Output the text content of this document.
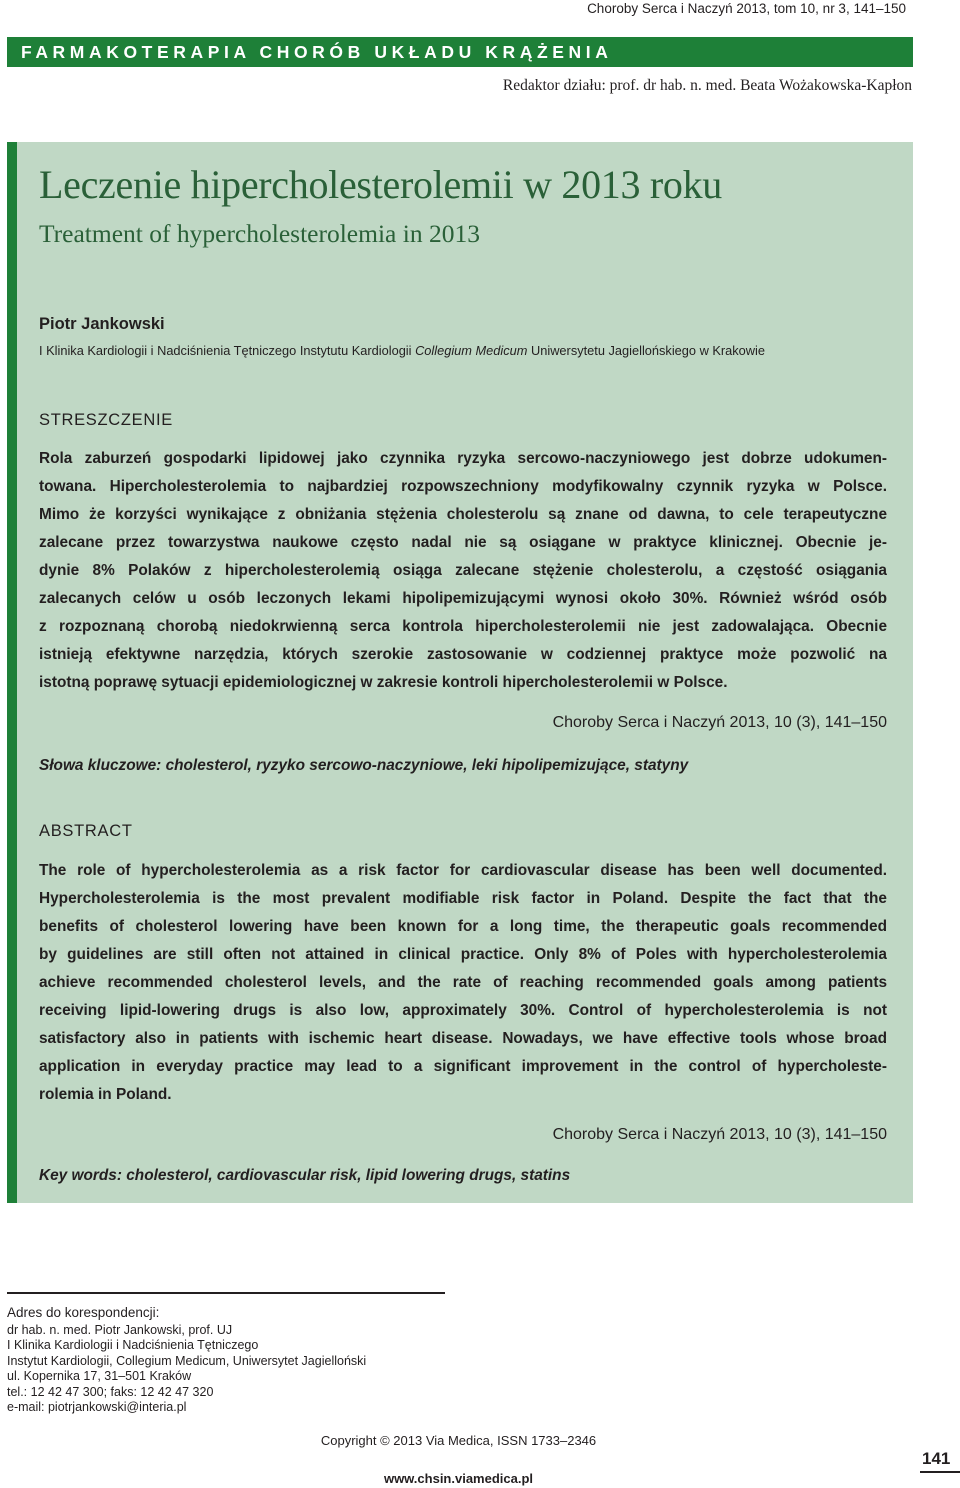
Choroby Serca i Naczyń 2013, tom 10, nr 3, 141–150
FARMAKOTERAPIA CHORÓB UKŁADU KRĄŻENIA
Redaktor działu: prof. dr hab. n. med. Beata Wożakowska-Kapłon
Leczenie hipercholesterolemii w 2013 roku
Treatment of hypercholesterolemia in 2013
Piotr Jankowski
I Klinika Kardiologii i Nadciśnienia Tętniczego Instytutu Kardiologii Collegium Medicum Uniwersytetu Jagiellońskiego w Krakowie
STRESZCZENIE
Rola zaburzeń gospodarki lipidowej jako czynnika ryzyka sercowo-naczyniowego jest dobrze udokumen-
towana. Hipercholesterolemia to najbardziej rozpowszechniony modyfikowalny czynnik ryzyka w Polsce.
Mimo że korzyści wynikające z obniżania stężenia cholesterolu są znane od dawna, to cele terapeutyczne
zalecane przez towarzystwa naukowe często nadal nie są osiągane w praktyce klinicznej. Obecnie je-
dynie 8% Polaków z hipercholesterolemią osiąga zalecane stężenie cholesterolu, a częstość osiągania
zalecanych celów u osób leczonych lekami hipolipemizującymi wynosi około 30%. Również wśród osób
z rozpoznaną chorobą niedokrwienną serca kontrola hipercholesterolemii nie jest zadowalająca. Obecnie
istnieją efektywne narzędzia, których szerokie zastosowanie w codziennej praktyce może pozwolić na
istotną poprawę sytuacji epidemiologicznej w zakresie kontroli hipercholesterolemii w Polsce.
Choroby Serca i Naczyń 2013, 10 (3), 141–150
Słowa kluczowe: cholesterol, ryzyko sercowo-naczyniowe, leki hipolipemizujące, statyny
ABSTRACT
The role of hypercholesterolemia as a risk factor for cardiovascular disease has been well documented.
Hypercholesterolemia is the most prevalent modifiable risk factor in Poland. Despite the fact that the
benefits of cholesterol lowering have been known for a long time, the therapeutic goals recommended
by guidelines are still often not attained in clinical practice. Only 8% of Poles with hypercholesterolemia
achieve recommended cholesterol levels, and the rate of reaching recommended goals among patients
receiving lipid-lowering drugs is also low, approximately 30%. Control of hypercholesterolemia is not
satisfactory also in patients with ischemic heart disease. Nowadays, we have effective tools whose broad
application in everyday practice may lead to a significant improvement in the control of hypercholeste-
rolemia in Poland.
Choroby Serca i Naczyń 2013, 10 (3), 141–150
Key words: cholesterol, cardiovascular risk, lipid lowering drugs, statins
Adres do korespondencji:
dr hab. n. med. Piotr Jankowski, prof. UJ
I Klinika Kardiologii i Nadciśnienia Tętniczego
Instytut Kardiologii, Collegium Medicum, Uniwersytet Jagielloński
ul. Kopernika 17, 31–501 Kraków
tel.: 12 42 47 300; faks: 12 42 47 320
e-mail: piotrjankowski@interia.pl
Copyright © 2013 Via Medica, ISSN 1733–2346
www.chsin.viamedica.pl
141
